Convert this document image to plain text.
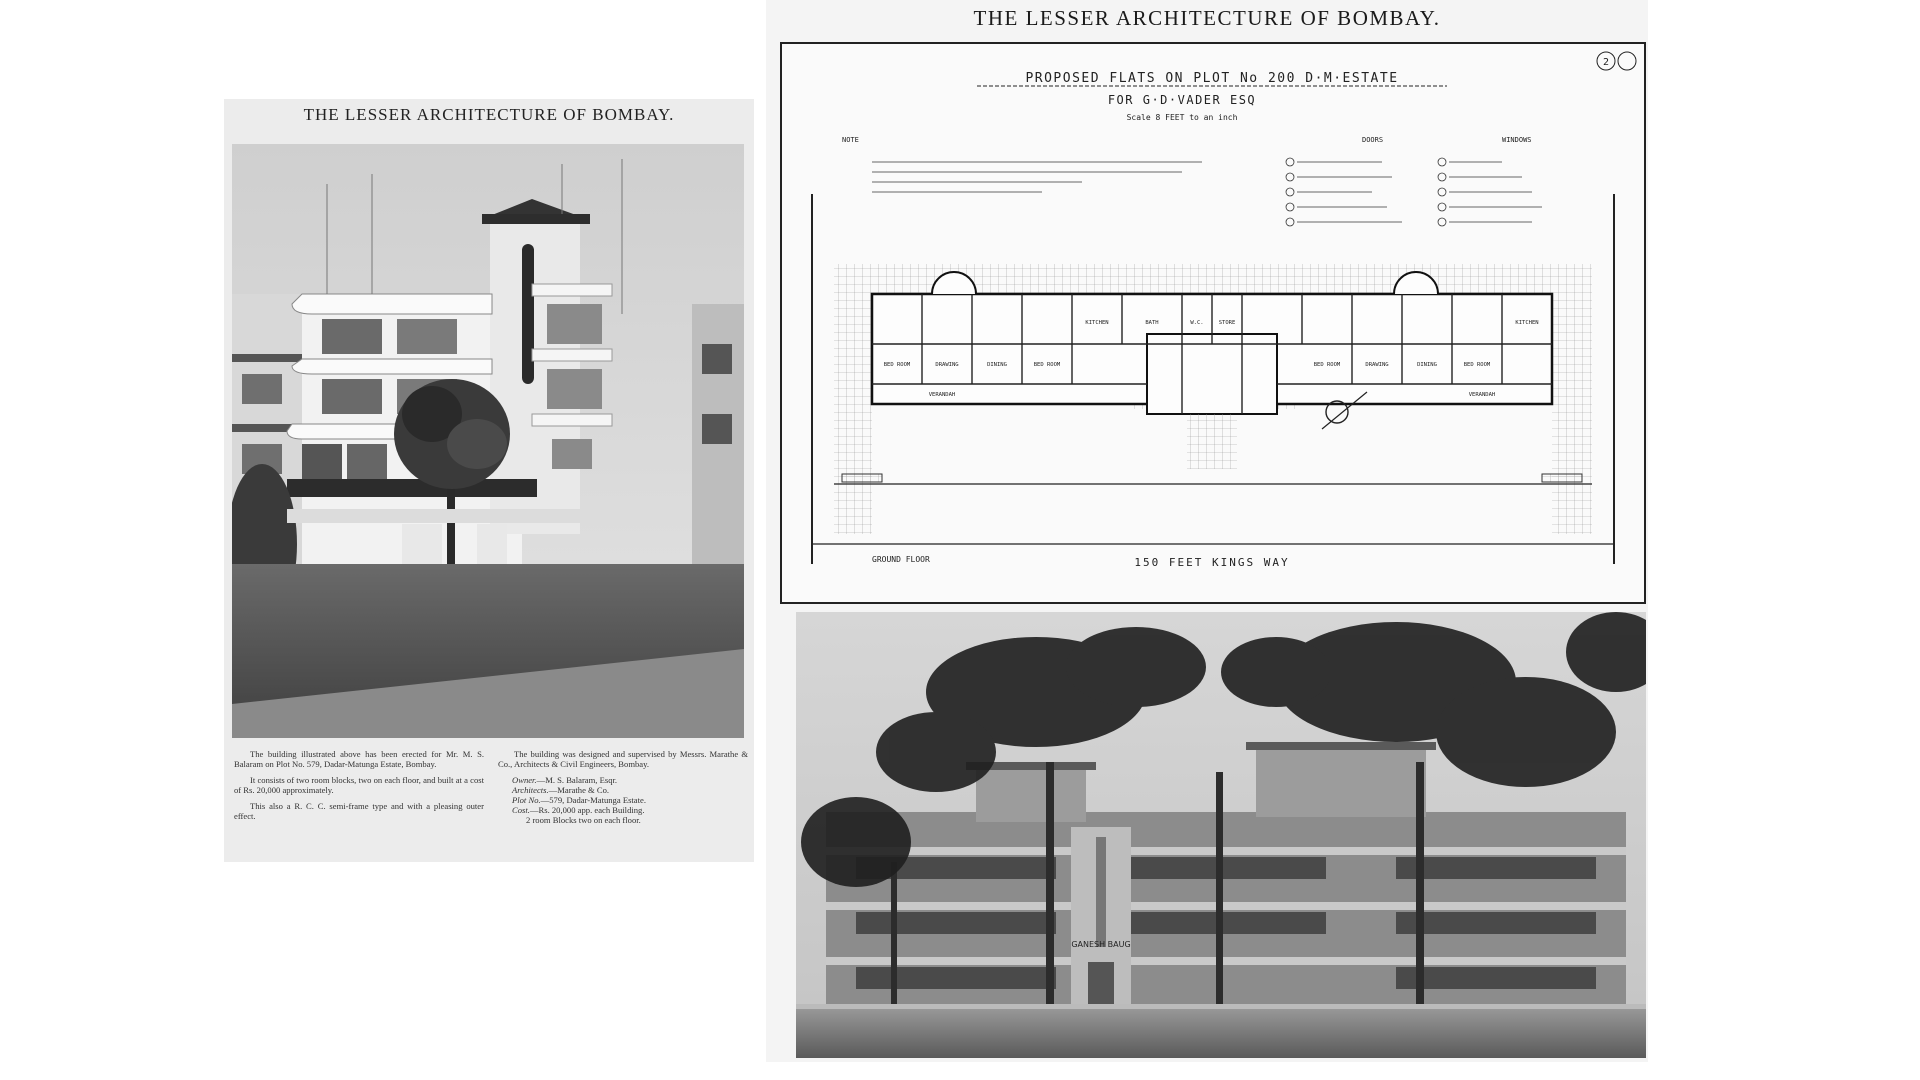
THE LESSER ARCHITECTURE OF BOMBAY.

The building illustrated above has been erected for Mr. M. S. Balaram on Plot No. 579, Dadar-Matunga Estate, Bombay.

It consists of two room blocks, two on each floor, and built at a cost of Rs. 20,000 approximately.

This also a R. C. C. semi-frame type and with a pleasing outer effect.

The building was designed and supervised by Messrs. Marathe & Co., Architects & Civil Engineers, Bombay.

Owner.—M. S. Balaram, Esqr.
Architects.—Marathe & Co.
Plot No.—579, Dadar-Matunga Estate.
Cost.—Rs. 20,000 app. each Building.
2 room Blocks two on each floor.
THE LESSER ARCHITECTURE OF BOMBAY.
PROPOSED FLATS ON PLOT No 200 D·M·ESTATE
FOR G·D·VADER ESQ
Scale 8 FEET to an inch
2
NOTE	DOORS	WINDOWS
BED ROOM	DRAWING	DINING	BED ROOM
KITCHEN
VERANDAH
BATH	W.C.	STORE
BED ROOM	DRAWING	DINING	BED ROOM
KITCHEN
VERANDAH
GROUND FLOOR	150 FEET KINGS WAY
GANESH BAUG
